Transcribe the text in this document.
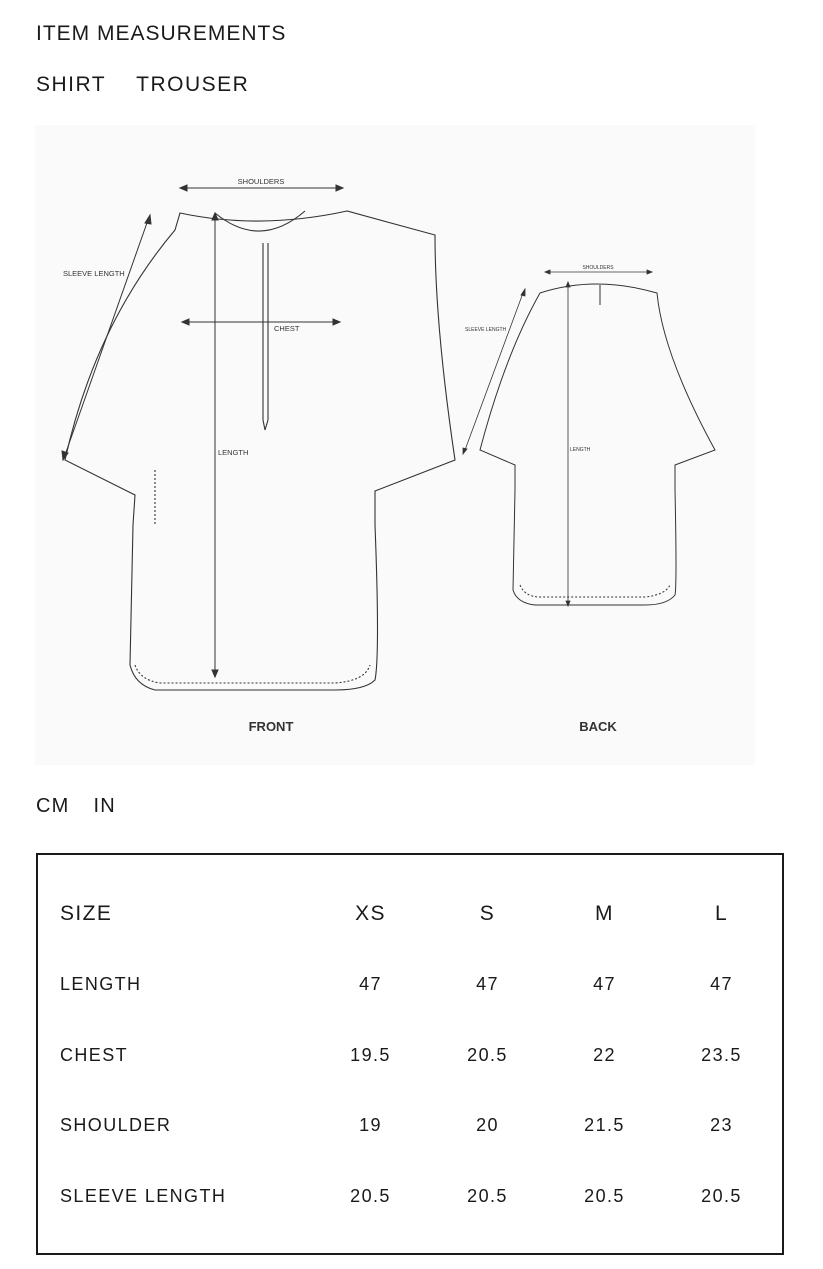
ITEM MEASUREMENTS
SHIRT TROUSER
SHOULDERS
SLEEVE LENGTH
CHEST
LENGTH
FRONT
SHOULDERS
SLEEVE LENGTH
LENGTH
BACK
CM IN
SIZE	XS	S	M	L
LENGTH	47	47	47	47
CHEST	19.5	20.5	22	23.5
SHOULDER	19	20	21.5	23
SLEEVE LENGTH	20.5	20.5	20.5	20.5
